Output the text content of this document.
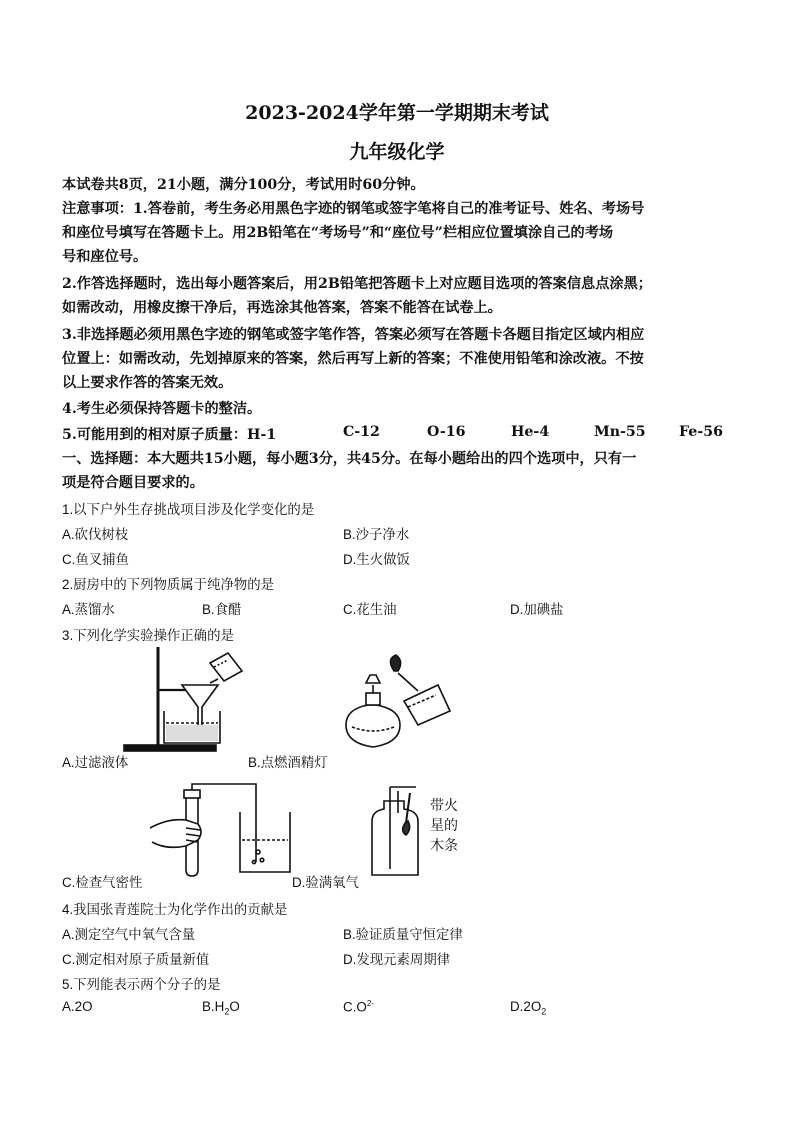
2023-2024学年第一学期期末考试
九年级化学
本试卷共8页，21小题，满分100分，考试用时60分钟。
注意事项：1.答卷前，考生务必用黑色字迹的钢笔或签字笔将自己的准考证号、姓名、考场号
和座位号填写在答题卡上。用2B铅笔在“考场号”和“座位号”栏相应位置填涂自己的考场
号和座位号。
2.作答选择题时，选出每小题答案后，用2B铅笔把答题卡上对应题目选项的答案信息点涂黑；
如需改动，用橡皮擦干净后，再选涂其他答案，答案不能答在试卷上。
3.非选择题必须用黑色字迹的钢笔或签字笔作答，答案必须写在答题卡各题目指定区域内相应
位置上：如需改动，先划掉原来的答案，然后再写上新的答案；不准使用铅笔和涂改液。不按
以上要求作答的答案无效。
4.考生必须保持答题卡的整洁。
5.可能用到的相对原子质量：H-1	C-12	O-16	He-4	Mn-55 Fe-56
一、选择题：本大题共15小题，每小题3分，共45分。在每小题给出的四个选项中，只有一
项是符合题目要求的。
1.以下户外生存挑战项目涉及化学变化的是
A.砍伐树枝	B.沙子净水
C.鱼叉捕鱼	D.生火做饭
2.厨房中的下列物质属于纯净物的是
A.蒸馏水	B.食醋	C.花生油	D.加碘盐
3.下列化学实验操作正确的是
A.过滤液体	B.点燃酒精灯
带火
星的
木条
C.检查气密性	D.验满氧气
4.我国张青莲院士为化学作出的贡献是
A.测定空气中氧气含量	B.验证质量守恒定律
C.测定相对原子质量新值	D.发现元素周期律
5.下列能表示两个分子的是
A.2O	$B.H_2O$	$C.O^{2-}$	$D.2O_2$
